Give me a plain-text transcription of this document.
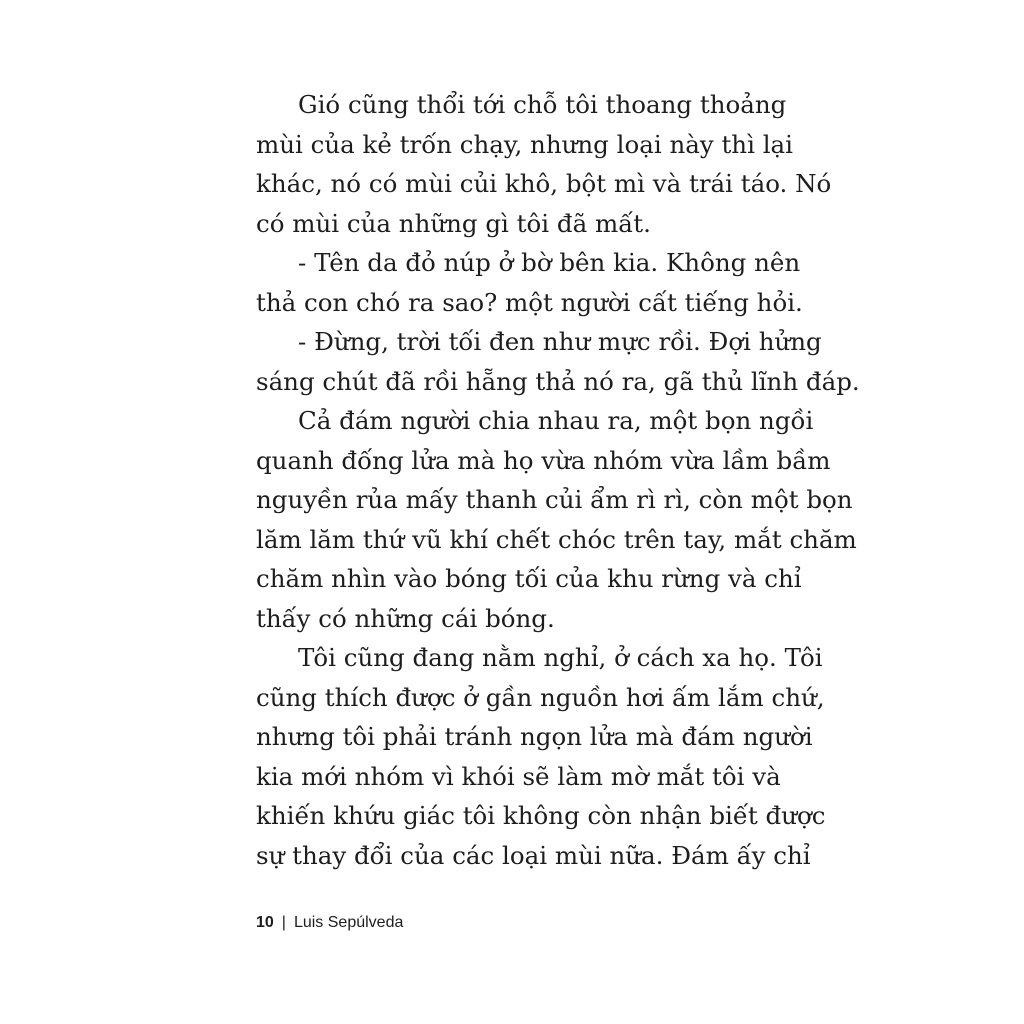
Gió cũng thổi tới chỗ tôi thoang thoảng
mùi của kẻ trốn chạy, nhưng loại này thì lại
khác, nó có mùi củi khô, bột mì và trái táo. Nó
có mùi của những gì tôi đã mất.
- Tên da đỏ núp ở bờ bên kia. Không nên
thả con chó ra sao? một người cất tiếng hỏi.
- Đừng, trời tối đen như mực rồi. Đợi hửng
sáng chút đã rồi hẵng thả nó ra, gã thủ lĩnh đáp.
Cả đám người chia nhau ra, một bọn ngồi
quanh đống lửa mà họ vừa nhóm vừa lầm bầm
nguyền rủa mấy thanh củi ẩm rì rì, còn một bọn
lăm lăm thứ vũ khí chết chóc trên tay, mắt chăm
chăm nhìn vào bóng tối của khu rừng và chỉ
thấy có những cái bóng.
Tôi cũng đang nằm nghỉ, ở cách xa họ. Tôi
cũng thích được ở gần nguồn hơi ấm lắm chứ,
nhưng tôi phải tránh ngọn lửa mà đám người
kia mới nhóm vì khói sẽ làm mờ mắt tôi và
khiến khứu giác tôi không còn nhận biết được
sự thay đổi của các loại mùi nữa. Đám ấy chỉ
10 | Luis Sepúlveda
